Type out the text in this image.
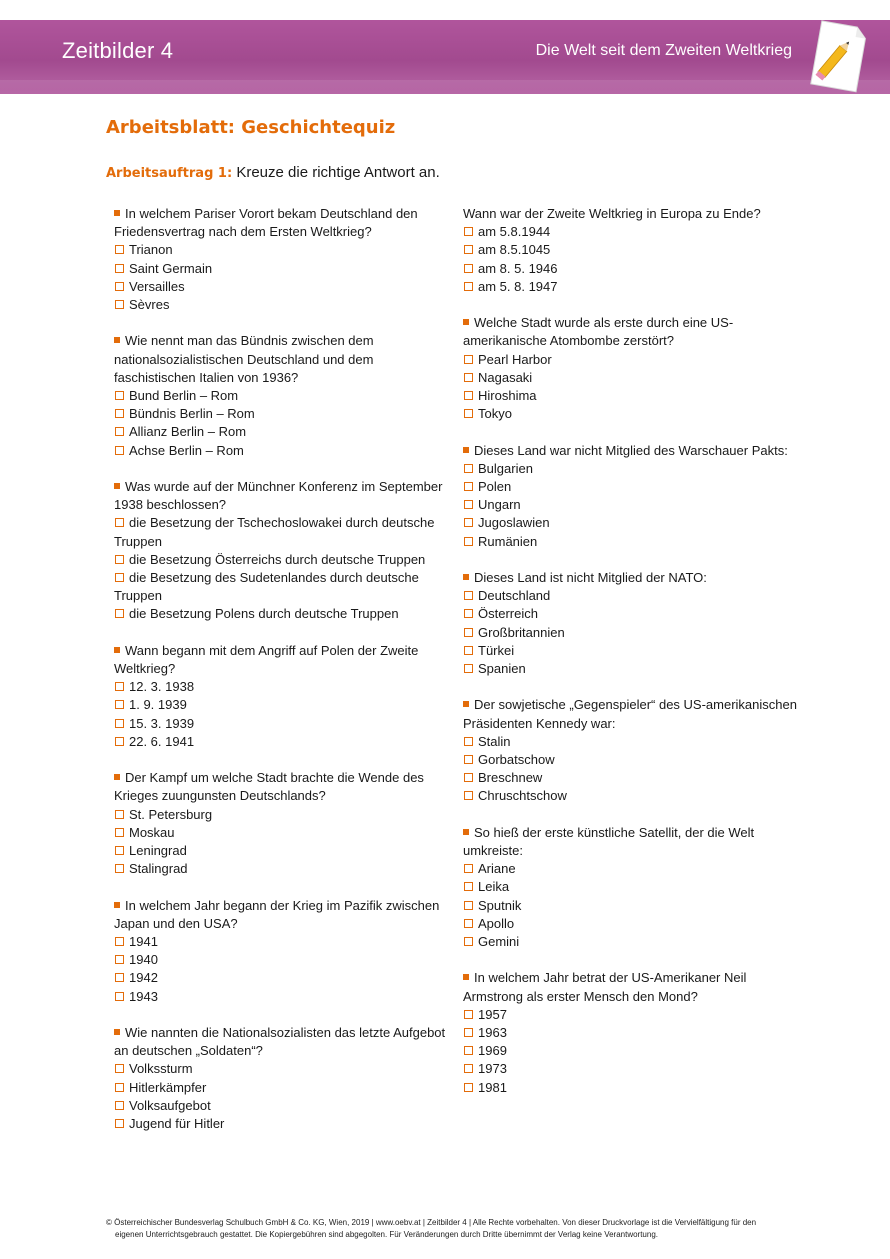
Zeitbilder 4	Die Welt seit dem Zweiten Weltkrieg
Arbeitsblatt: Geschichtequiz
Arbeitsauftrag 1: Kreuze die richtige Antwort an.

In welchem Pariser Vorort bekam Deutschland den Friedensvertrag nach dem Ersten Weltkrieg?

Trianon
Saint Germain
Versailles
Sèvres

Wie nennt man das Bündnis zwischen dem nationalsozialistischen Deutschland und dem faschistischen Italien von 1936?

Bund Berlin – Rom
Bündnis Berlin – Rom
Allianz Berlin – Rom
Achse Berlin – Rom

Was wurde auf der Münchner Konferenz im September 1938 beschlossen?

die Besetzung der Tschechoslowakei durch deutsche Truppen
die Besetzung Österreichs durch deutsche Truppen
die Besetzung des Sudetenlandes durch deutsche Truppen
die Besetzung Polens durch deutsche Truppen

Wann begann mit dem Angriff auf Polen der Zweite Weltkrieg?

12. 3. 1938
1. 9. 1939
15. 3. 1939
22. 6. 1941

Der Kampf um welche Stadt brachte die Wende des Krieges zuungunsten Deutschlands?

St. Petersburg
Moskau
Leningrad
Stalingrad

In welchem Jahr begann der Krieg im Pazifik zwischen Japan und den USA?

1941
1940
1942
1943

Wie nannten die Nationalsozialisten das letzte Aufgebot an deutschen „Soldaten“?

Volkssturm
Hitlerkämpfer
Volksaufgebot
Jugend für Hitler

Wann war der Zweite Weltkrieg in Europa zu Ende?

am 5.8.1944
am 8.5.1045
am 8. 5. 1946
am 5. 8. 1947

Welche Stadt wurde als erste durch eine US-amerikanische Atombombe zerstört?

Pearl Harbor
Nagasaki
Hiroshima
Tokyo

Dieses Land war nicht Mitglied des Warschauer Pakts:

Bulgarien
Polen
Ungarn
Jugoslawien
Rumänien

Dieses Land ist nicht Mitglied der NATO:

Deutschland
Österreich
Großbritannien
Türkei
Spanien

Der sowjetische „Gegenspieler“ des US-amerikanischen Präsidenten Kennedy war:

Stalin
Gorbatschow
Breschnew
Chruschtschow

So hieß der erste künstliche Satellit, der die Welt umkreiste:

Ariane
Leika
Sputnik
Apollo
Gemini

In welchem Jahr betrat der US-Amerikaner Neil Armstrong als erster Mensch den Mond?

1957
1963
1969
1973
1981
© Österreichischer Bundesverlag Schulbuch GmbH & Co. KG, Wien, 2019 | www.oebv.at | Zeitbilder 4 | Alle Rechte vorbehalten. Von dieser Druckvorlage ist die Vervielfältigung für den
eigenen Unterrichtsgebrauch gestattet. Die Kopiergebühren sind abgegolten. Für Veränderungen durch Dritte übernimmt der Verlag keine Verantwortung.
